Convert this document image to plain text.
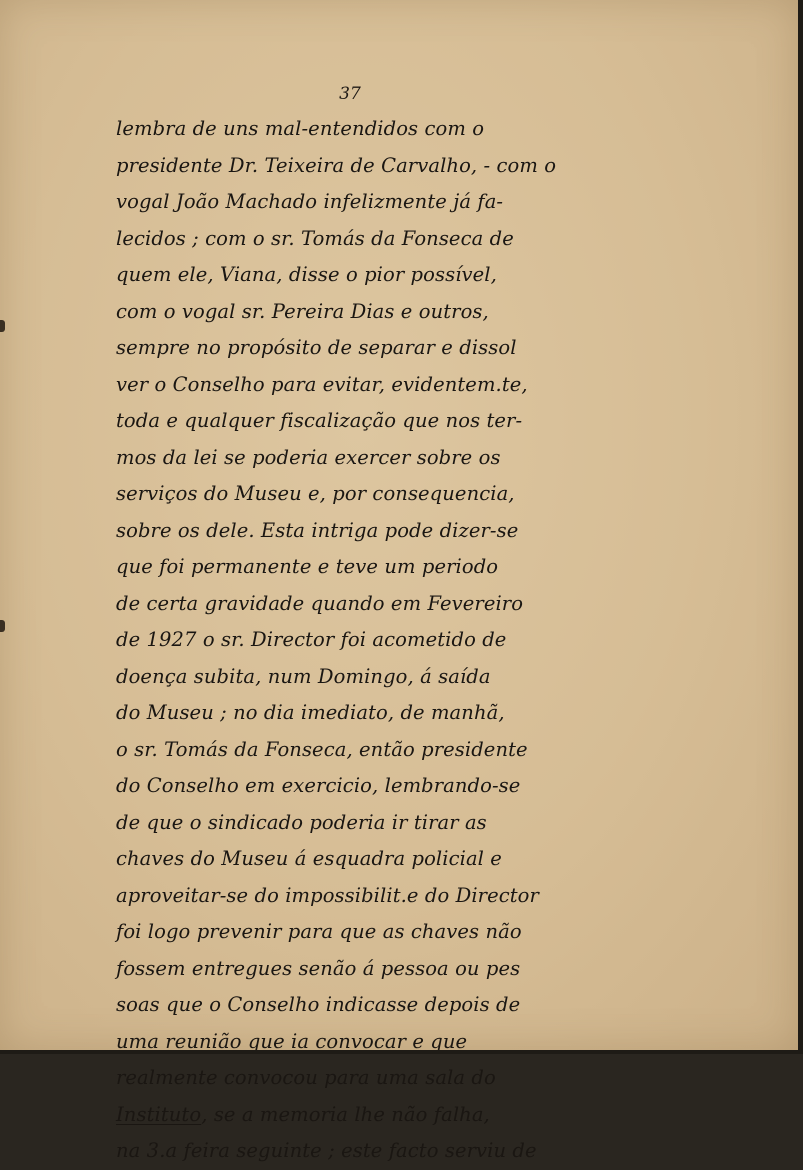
37
lembra de uns mal-entendidos com o
presidente Dr. Teixeira de Carvalho, - com o
vogal João Machado infelizmente já fa-
lecidos ; com o sr. Tomás da Fonseca de
quem ele, Viana, disse o pior possível,
com o vogal sr. Pereira Dias e outros,
sempre no propósito de separar e dissol
ver o Conselho para evitar, evidentem.te,
toda e qualquer fiscalização que nos ter-
mos da lei se poderia exercer sobre os
serviços do Museu e, por consequencia,
sobre os dele. Esta intriga pode dizer-se
que foi permanente e teve um periodo
de certa gravidade quando em Fevereiro
de 1927 o sr. Director foi acometido de
doença subita, num Domingo, á saída
do Museu ; no dia imediato, de manhã,
o sr. Tomás da Fonseca, então presidente
do Conselho em exercicio, lembrando-se
de que o sindicado poderia ir tirar as
chaves do Museu á esquadra policial e
aproveitar-se do impossibilit.e do Director
foi logo prevenir para que as chaves não
fossem entregues senão á pessoa ou pes
soas que o Conselho indicasse depois de
uma reunião que ia convocar e que
realmente convocou para uma sala do
Instituto, se a memoria lhe não falha,
na 3.a feira seguinte ; este facto serviu de
